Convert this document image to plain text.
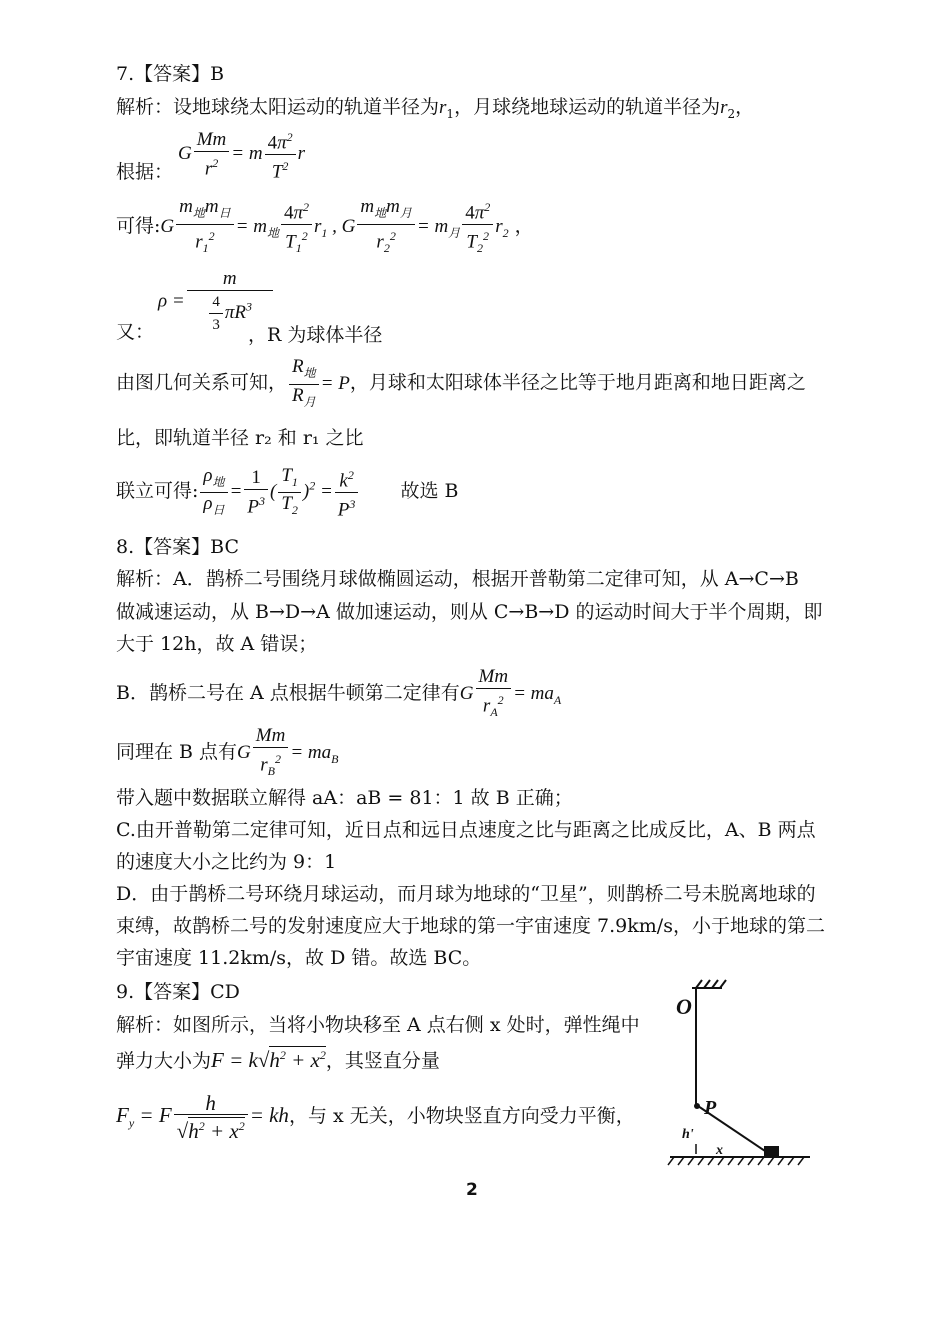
7.【答案】B
解析：设地球绕太阳运动的轨道半径为$r_1$，月球绕地球运动的轨道半径为$r_2$，
G $\frac{Mm}{r^2} = m \frac{4\pi^2}{T^2}$ r
根据：
可得:G $\frac{m_地m_日}{r_1^2} = m_地 \frac{4\pi^2}{T_1^2} r_1$ , G $\frac{m_地m_月}{r_2^2} = m_月 \frac{4\pi^2}{T_2^2} r_2$ ，
$\rho = \frac{m}{\frac{4}{3} \pi R^3}$
又：	，R 为球体半径
由图几何关系可知， $\frac{R_地}{R_月} = P$，月球和太阳球体半径之比等于地月距离和地日距离之
比，即轨道半径 r₂ 和 r₁ 之比
联立可得: $\frac{\rho_地}{\rho_日} = \frac{1}{P^3}$ ( $\frac{T_1}{T_2} )^2 = \frac{k^2}{P^3}$ 故选 B
8.【答案】BC
解析：A．鹊桥二号围绕月球做椭圆运动，根据开普勒第二定律可知，从 A→C→B
做减速运动，从 B→D→A 做加速运动，则从 C→B→D 的运动时间大于半个周期，即
大于 12h，故 A 错误；
B．鹊桥二号在 A 点根据牛顿第二定律有G $\frac{Mm}{r_A^2} = ma_A$
同理在 B 点有G $\frac{Mm}{r_B^2} = ma_B$
带入题中数据联立解得 aA：aB = 81：1 故 B 正确；
C.由开普勒第二定律可知，近日点和远日点速度之比与距离之比成反比，A、B 两点
的速度大小之比约为 9：1
D．由于鹊桥二号环绕月球运动，而月球为地球的“卫星”，则鹊桥二号未脱离地球的
束缚，故鹊桥二号的发射速度应大于地球的第一宇宙速度 7.9km/s，小于地球的第二
宇宙速度 11.2km/s，故 D 错。故选 BC。
9.【答案】CD
解析：如图所示，当将小物块移至 A 点右侧 x 处时，弹性绳中
弹力大小为$F = k√h^2 + x^2$，其竖直分量
$F_y = F \frac{h}{√h^2 + x^2}$ = kh，与 x 无关，小物块竖直方向受力平衡，
O
P
h'
x
2
